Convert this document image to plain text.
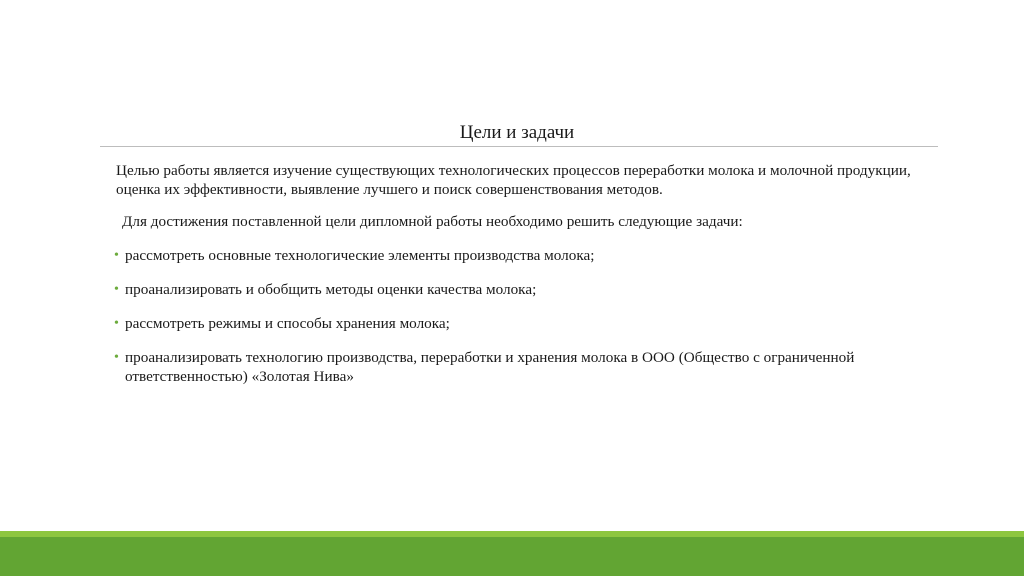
Цели и задачи

Целью работы является изучение существующих технологических процессов переработки молока и молочной продукции, оценка их эффективности, выявление лучшего и поиск совершенствования методов.

Для достижения поставленной цели дипломной работы необходимо решить следующие задачи:

• рассмотреть основные технологические элементы производства молока;
• проанализировать и обобщить методы оценки качества молока;
• рассмотреть режимы и способы хранения молока;
• проанализировать технологию производства, переработки и хранения молока в ООО (Общество с ограниченной ответственностью) «Золотая Нива»
